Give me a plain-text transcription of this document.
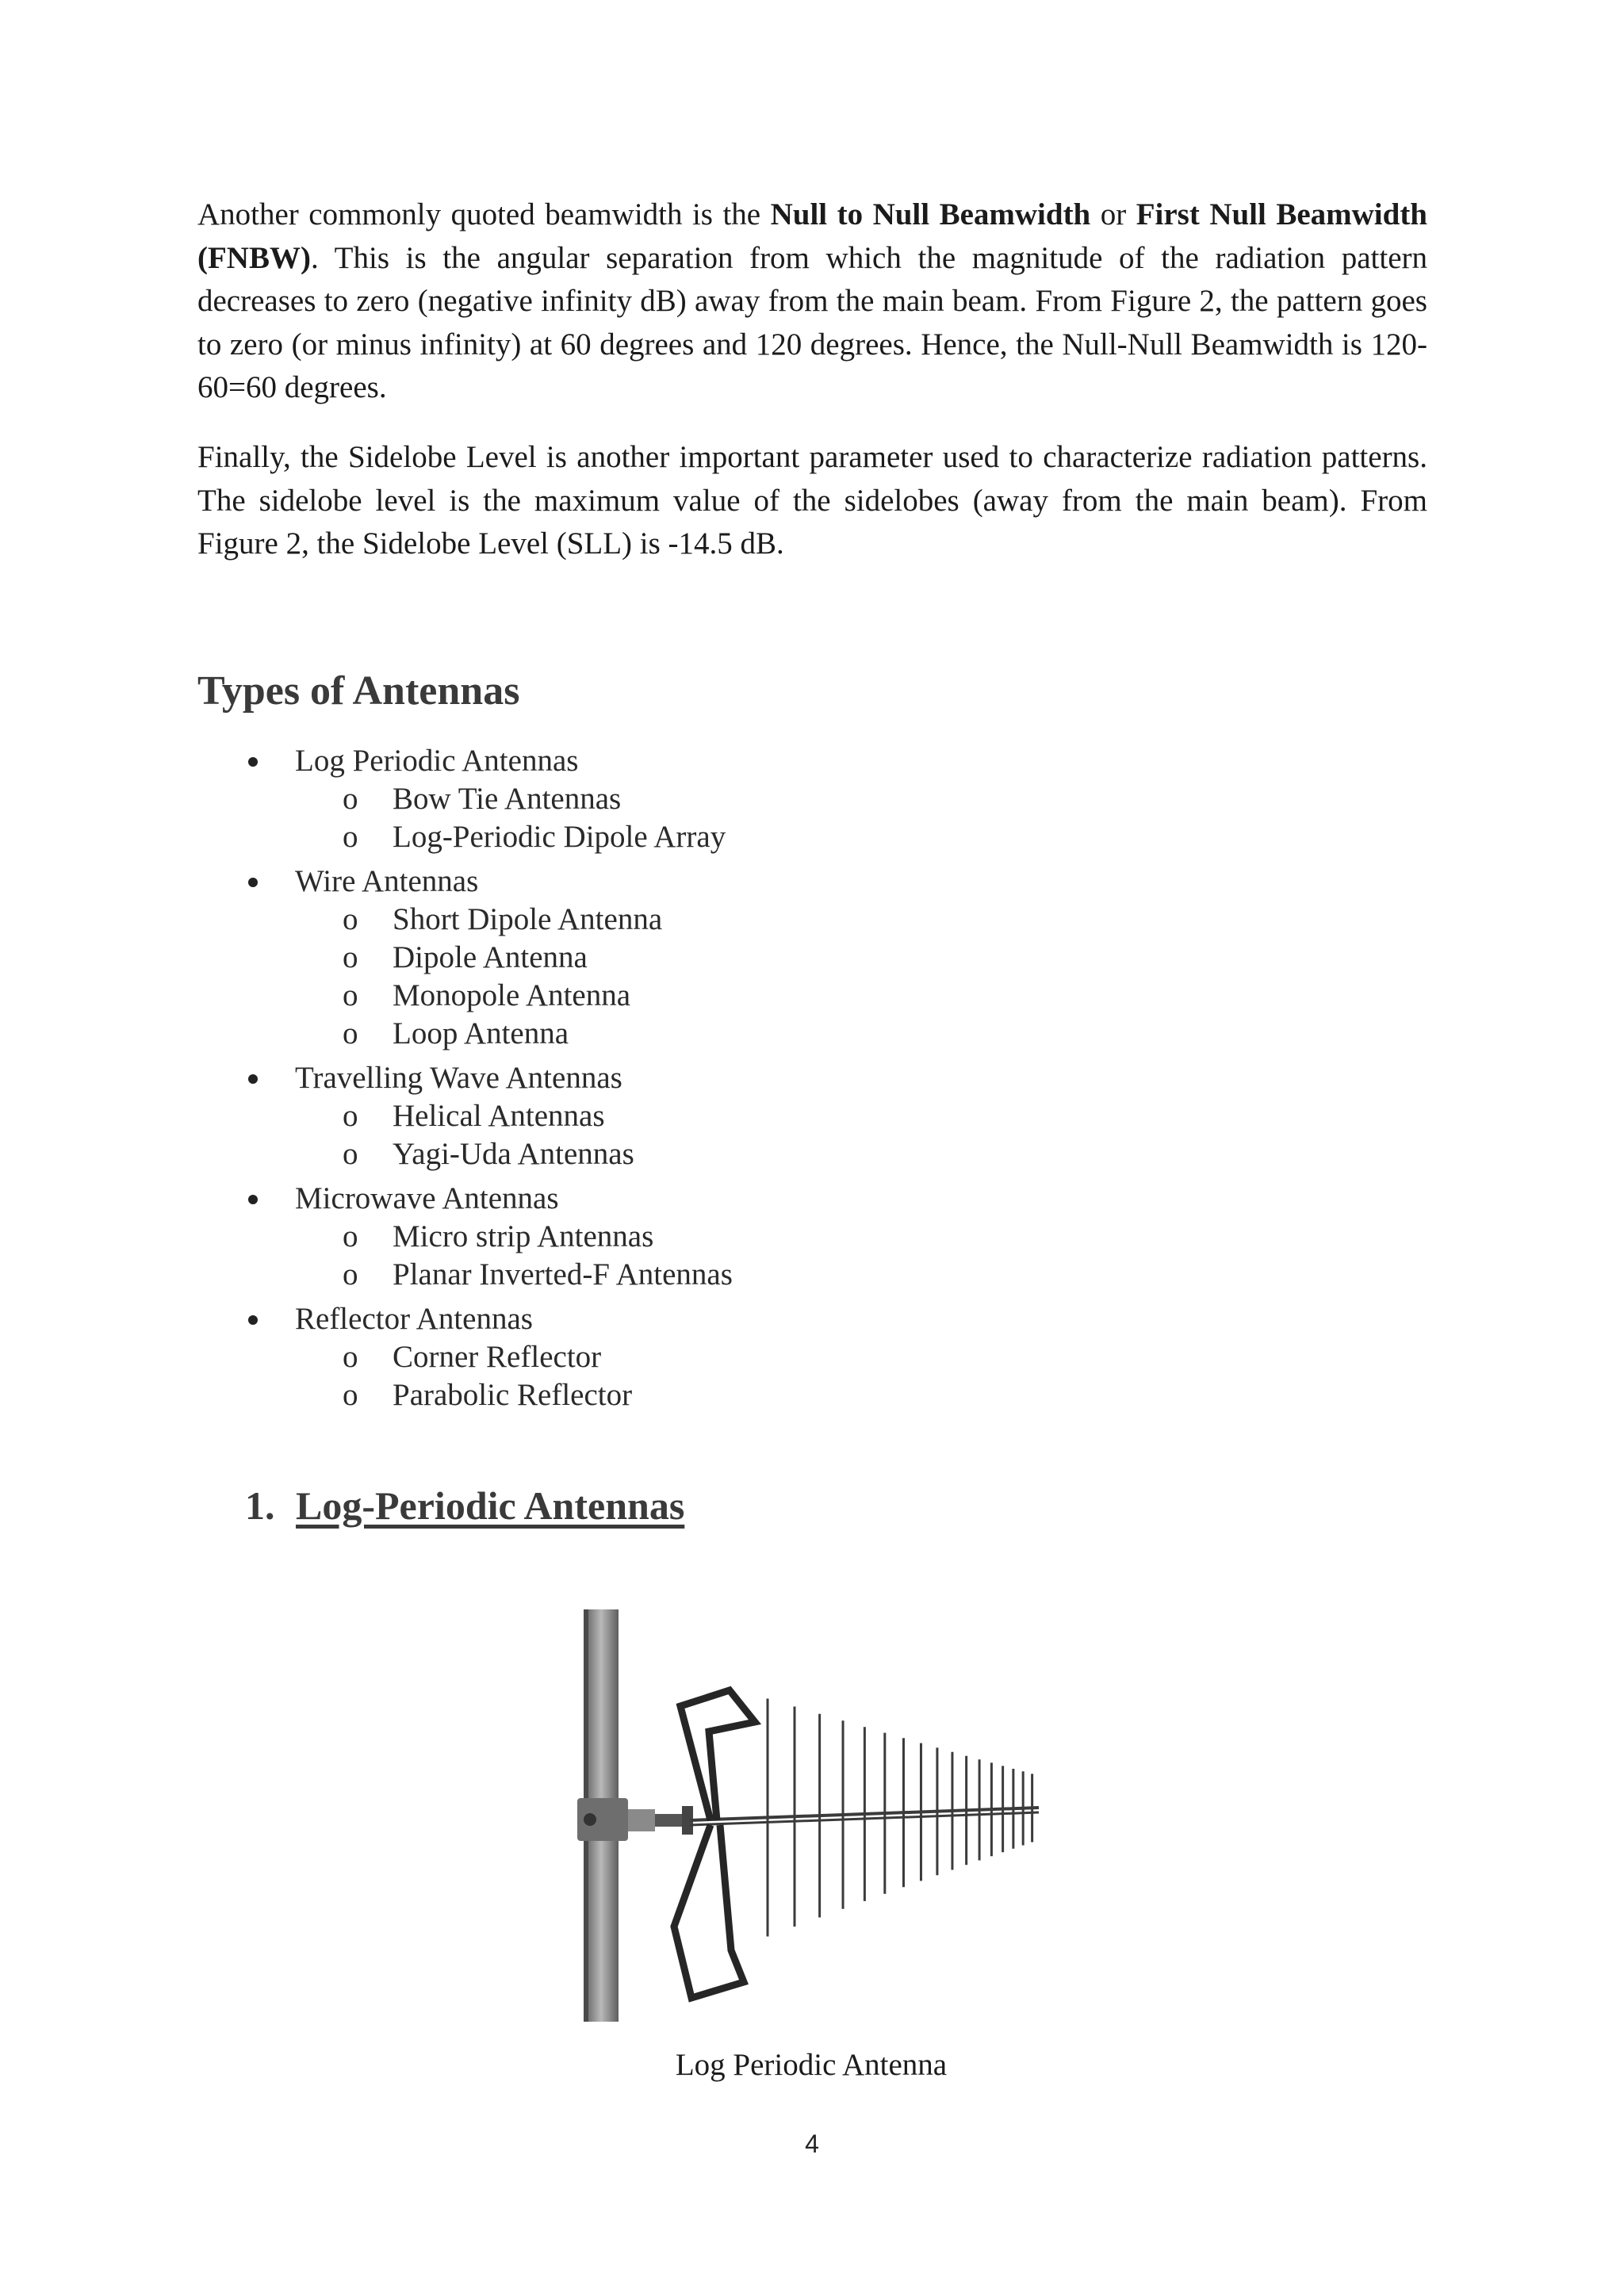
Another commonly quoted beamwidth is the Null to Null Beamwidth or First Null Beamwidth (FNBW). This is the angular separation from which the magnitude of the radiation pattern decreases to zero (negative infinity dB) away from the main beam. From Figure 2, the pattern goes to zero (or minus infinity) at 60 degrees and 120 degrees. Hence, the Null-Null Beamwidth is 120-60=60 degrees.

Finally, the Sidelobe Level is another important parameter used to characterize radiation patterns. The sidelobe level is the maximum value of the sidelobes (away from the main beam). From Figure 2, the Sidelobe Level (SLL) is -14.5 dB.

Types of Antennas
Log Periodic Antennas
o Bow Tie Antennas
o Log-Periodic Dipole Array
Wire Antennas
o Short Dipole Antenna
o Dipole Antenna
o Monopole Antenna
o Loop Antenna
Travelling Wave Antennas
o Helical Antennas
o Yagi-Uda Antennas
Microwave Antennas
o Micro strip Antennas
o Planar Inverted-F Antennas
Reflector Antennas
o Corner Reflector
o Parabolic Reflector
1. Log-Periodic Antennas
Log Periodic Antenna
4
